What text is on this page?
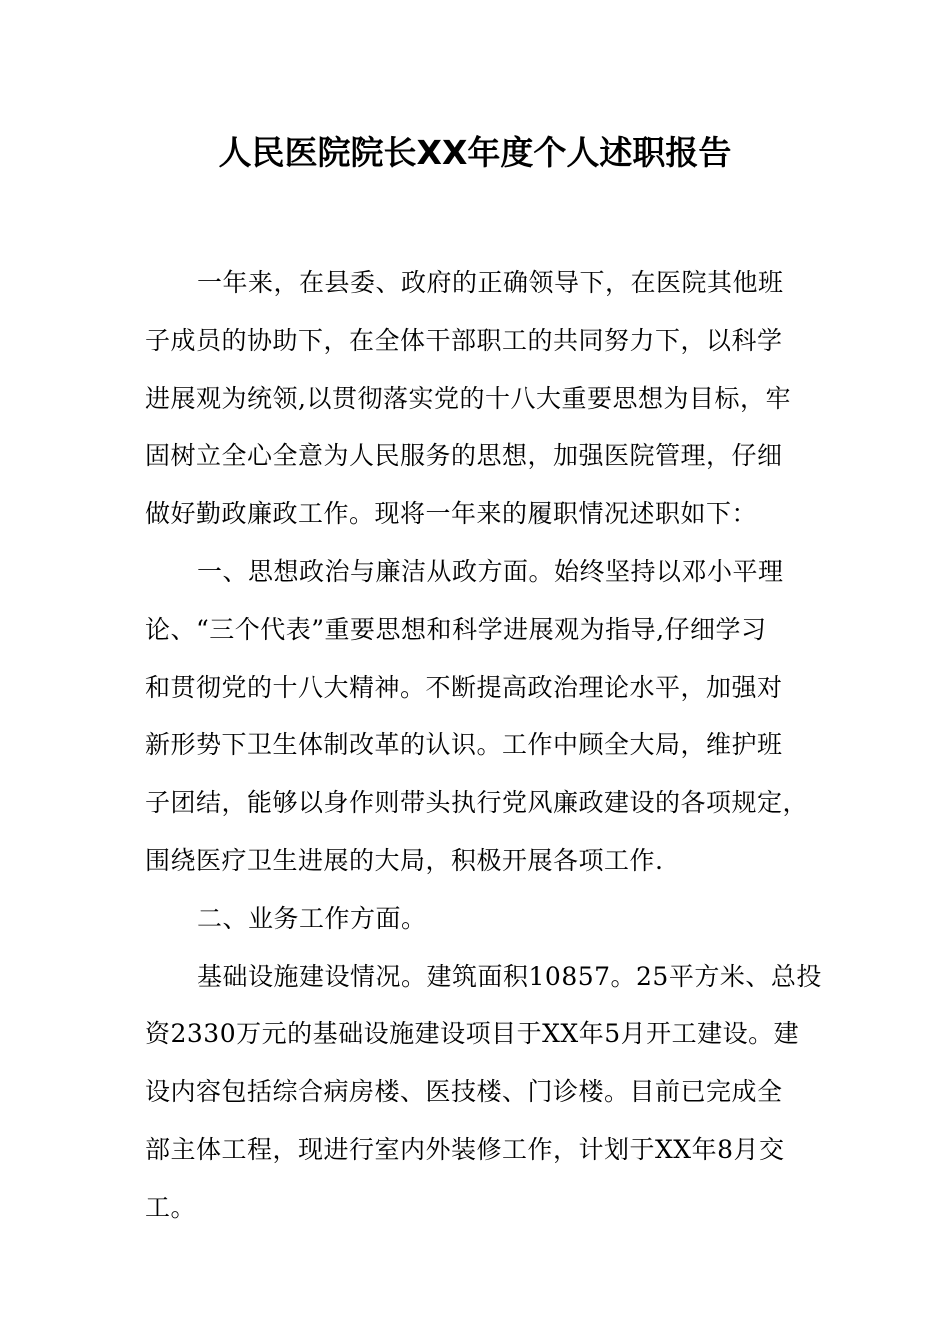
人民医院院长XX年度个人述职报告

一年来，在县委、政府的正确领导下，在医院其他班
子成员的协助下，在全体干部职工的共同努力下，以科学
进展观为统领,以贯彻落实党的十八大重要思想为目标，牢
固树立全心全意为人民服务的思想，加强医院管理，仔细
做好勤政廉政工作。现将一年来的履职情况述职如下：

一、思想政治与廉洁从政方面。始终坚持以邓小平理
论、“三个代表”重要思想和科学进展观为指导,仔细学习
和贯彻党的十八大精神。不断提高政治理论水平，加强对
新形势下卫生体制改革的认识。工作中顾全大局，维护班
子团结，能够以身作则带头执行党风廉政建设的各项规定，
围绕医疗卫生进展的大局，积极开展各项工作.

二、业务工作方面。

基础设施建设情况。建筑面积10857。25平方米、总投
资2330万元的基础设施建设项目于XX年5月开工建设。建
设内容包括综合病房楼、医技楼、门诊楼。目前已完成全
部主体工程，现进行室内外装修工作，计划于XX年8月交
工。
